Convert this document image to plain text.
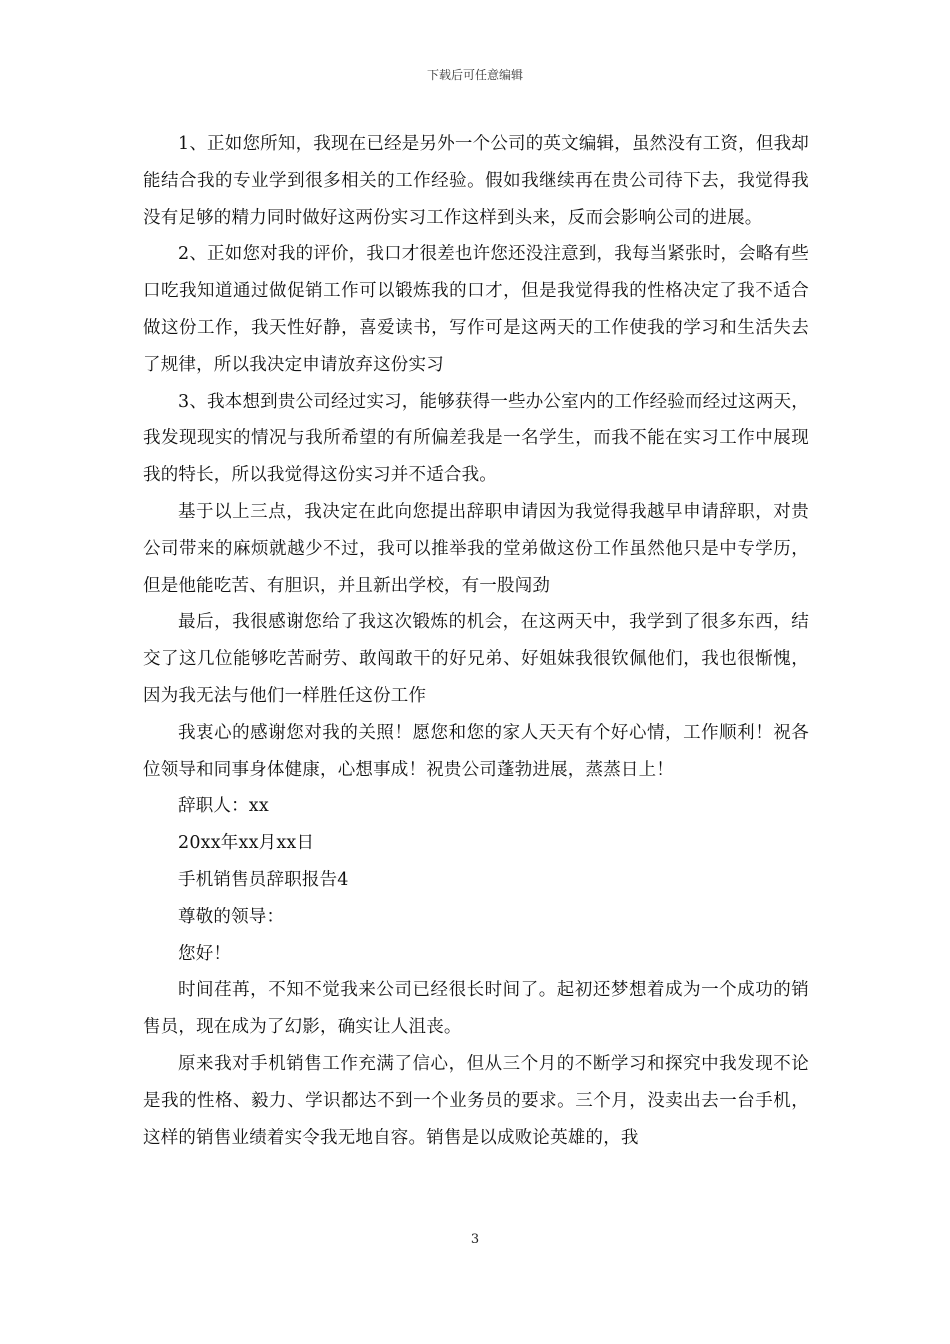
下载后可任意编辑

1、正如您所知，我现在已经是另外一个公司的英文编辑，虽然没有工资，但我却能结合我的专业学到很多相关的工作经验。假如我继续再在贵公司待下去，我觉得我没有足够的精力同时做好这两份实习工作这样到头来，反而会影响公司的进展。

2、正如您对我的评价，我口才很差也许您还没注意到，我每当紧张时，会略有些口吃我知道通过做促销工作可以锻炼我的口才，但是我觉得我的性格决定了我不适合做这份工作，我天性好静，喜爱读书，写作可是这两天的工作使我的学习和生活失去了规律，所以我决定申请放弃这份实习

3、我本想到贵公司经过实习，能够获得一些办公室内的工作经验而经过这两天，我发现现实的情况与我所希望的有所偏差我是一名学生，而我不能在实习工作中展现我的特长，所以我觉得这份实习并不适合我。

基于以上三点，我决定在此向您提出辞职申请因为我觉得我越早申请辞职，对贵公司带来的麻烦就越少不过，我可以推举我的堂弟做这份工作虽然他只是中专学历，但是他能吃苦、有胆识，并且新出学校，有一股闯劲

最后，我很感谢您给了我这次锻炼的机会，在这两天中，我学到了很多东西，结交了这几位能够吃苦耐劳、敢闯敢干的好兄弟、好姐妹我很钦佩他们，我也很惭愧，因为我无法与他们一样胜任这份工作

我衷心的感谢您对我的关照！愿您和您的家人天天有个好心情，工作顺利！祝各位领导和同事身体健康，心想事成！祝贵公司蓬勃进展，蒸蒸日上！

辞职人：xx

20xx年xx月xx日

手机销售员辞职报告4

尊敬的领导：

您好！

时间荏苒，不知不觉我来公司已经很长时间了。起初还梦想着成为一个成功的销售员，现在成为了幻影，确实让人沮丧。

原来我对手机销售工作充满了信心，但从三个月的不断学习和探究中我发现不论是我的性格、毅力、学识都达不到一个业务员的要求。三个月，没卖出去一台手机，这样的销售业绩着实令我无地自容。销售是以成败论英雄的，我

3
